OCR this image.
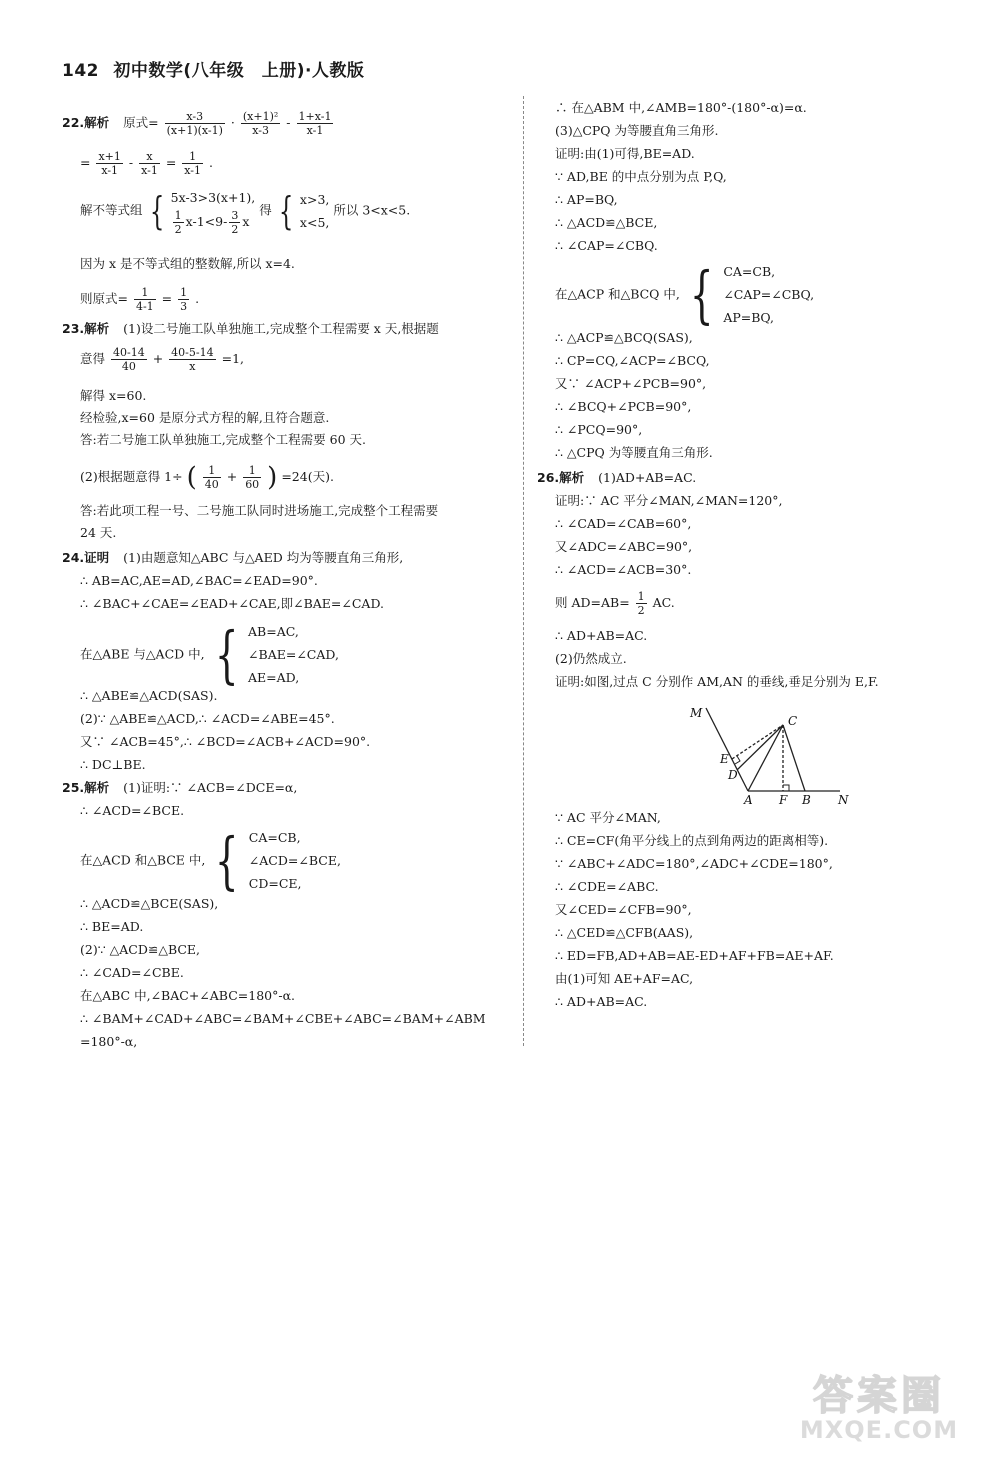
142 初中数学(八年级　上册)·人教版
22.解析 原式= $\frac{x-3}{(x+1)(x-1)} \cdot \frac{\text{(x+1)²}}{x-3} - \frac{1+x-1}{x-1}$
= $\frac{x+1}{x-1} - \frac{x}{x-1} = \frac{1}{x-1}$ .
解不等式组 { 5x-3>3(x+1),
$\frac{1}{2} x-1<9- \frac{3}{2}$ x
得 { x>3,
x<5,
所以 3<x<5.
因为 x 是不等式组的整数解,所以 x=4.
则原式= $\frac{1}{4-1} = \frac{1}{3}$ .
23.解析 (1)设二号施工队单独施工,完成整个工程需要 x 天,根据题
意得 $\frac{40-14}{40} + \frac{40-5-14}{x} =1$,
解得 x=60.
经检验,x=60 是原分式方程的解,且符合题意.
答:若二号施工队单独施工,完成整个工程需要 60 天.
(2)根据题意得 1÷ ( $\frac{1}{40} + \frac{1}{60}$ ) =24(天).
答:若此项工程一号、二号施工队同时进场施工,完成整个工程需要
24 天.
24.证明 (1)由题意知△ABC 与△AED 均为等腰直角三角形,
∴ AB=AC,AE=AD,∠BAC=∠EAD=90°.
∴ ∠BAC+∠CAE=∠EAD+∠CAE,即∠BAE=∠CAD.
在△ABE 与△ACD 中, { AB=AC,
∠BAE=∠CAD,
AE=AD,
∴ △ABE≌△ACD(SAS).
(2)∵ △ABE≌△ACD,∴ ∠ACD=∠ABE=45°.
又∵ ∠ACB=45°,∴ ∠BCD=∠ACB+∠ACD=90°.
∴ DC⊥BE.
25.解析 (1)证明:∵ ∠ACB=∠DCE=α,
∴ ∠ACD=∠BCE.
在△ACD 和△BCE 中, { CA=CB,
∠ACD=∠BCE,
CD=CE,
∴ △ACD≌△BCE(SAS),
∴ BE=AD.
(2)∵ △ACD≌△BCE,
∴ ∠CAD=∠CBE.
在△ABC 中,∠BAC+∠ABC=180°-α.
∴ ∠BAM+∠CAD+∠ABC=∠BAM+∠CBE+∠ABC=∠BAM+∠ABM
=180°-α,
∴ 在△ABM 中,∠AMB=180°-(180°-α)=α.
(3)△CPQ 为等腰直角三角形.
证明:由(1)可得,BE=AD.
∵ AD,BE 的中点分别为点 P,Q,
∴ AP=BQ,
∴ △ACD≌△BCE,
∴ ∠CAP=∠CBQ.
在△ACP 和△BCQ 中, { CA=CB,
∠CAP=∠CBQ,
AP=BQ,
∴ △ACP≌△BCQ(SAS),
∴ CP=CQ,∠ACP=∠BCQ,
又∵ ∠ACP+∠PCB=90°,
∴ ∠BCQ+∠PCB=90°,
∴ ∠PCQ=90°,
∴ △CPQ 为等腰直角三角形.
26.解析 (1)AD+AB=AC.
证明:∵ AC 平分∠MAN,∠MAN=120°,
∴ ∠CAD=∠CAB=60°,
又∠ADC=∠ABC=90°,
∴ ∠ACD=∠ACB=30°.
则 $AD=AB= \frac{1}{2}$ AC.
∴ AD+AB=AC.
(2)仍然成立.
证明:如图,过点 C 分别作 AM,AN 的垂线,垂足分别为 E,F.
∵ AC 平分∠MAN,
∴ CE=CF(角平分线上的点到角两边的距离相等).
∵ ∠ABC+∠ADC=180°,∠ADC+∠CDE=180°,
∴ ∠CDE=∠ABC.
又∠CED=∠CFB=90°,
∴ △CED≌△CFB(AAS),
∴ ED=FB,AD+AB=AE-ED+AF+FB=AE+AF.
由(1)可知 AE+AF=AC,
∴ AD+AB=AC.
M
C
E
D
A F B N
答案圈
MXQE.COM
